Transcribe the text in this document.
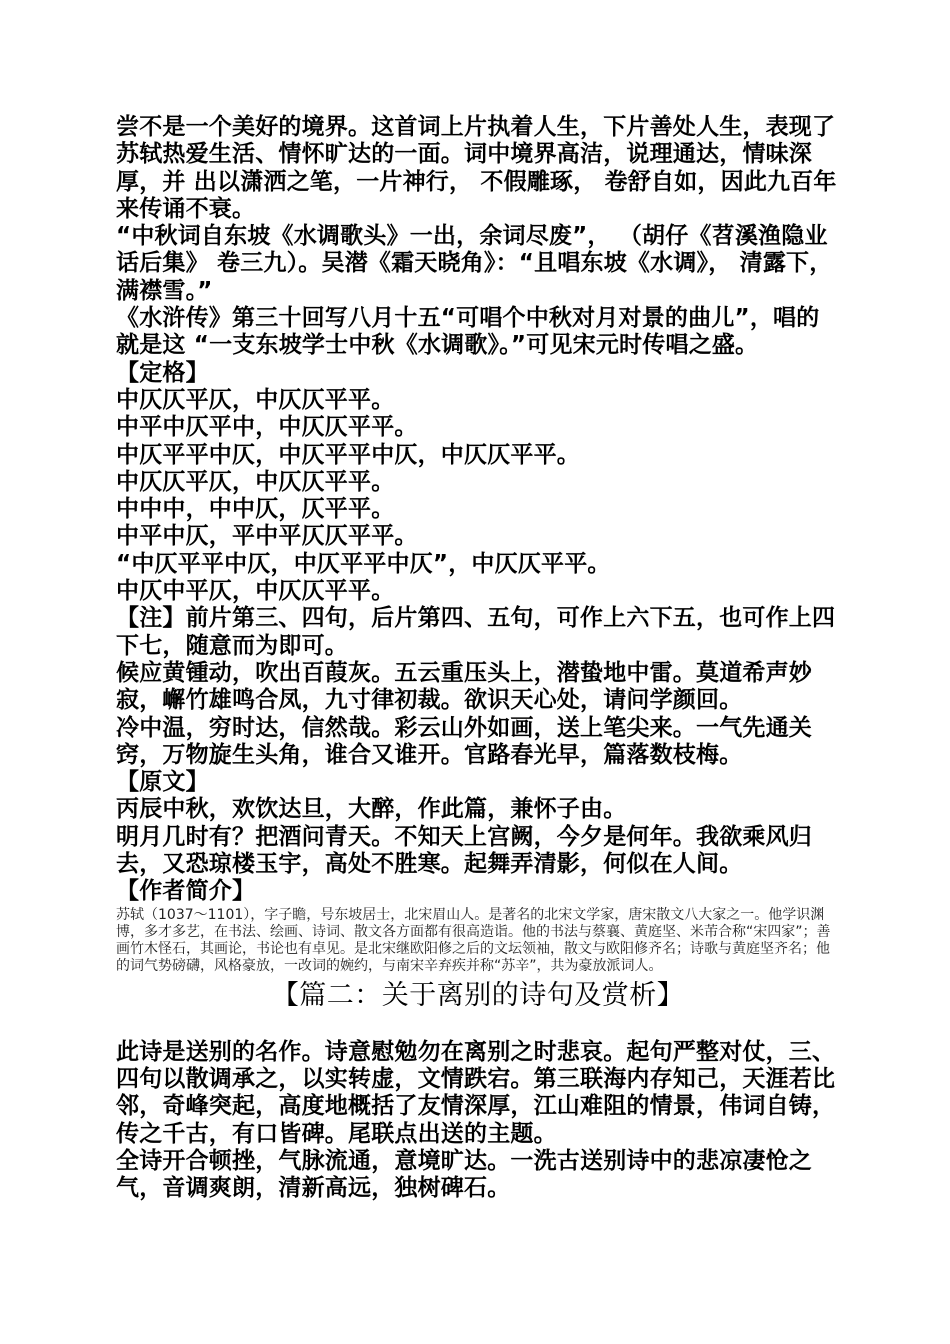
尝不是一个美好的境界。这首词上片执着人生，下片善处人生，表现了苏轼热爱生活、情怀旷达的一面。词中境界高洁，说理通达，情味深厚，并 出以潇洒之笔，一片神行， 不假雕琢， 卷舒自如，因此九百年来传诵不衰。

“中秋词自东坡《水调歌头》一出，余词尽废”， （胡仔《苕溪渔隐业话后集》 卷三九）。吴潜《霜天晓角》：“且唱东坡《水调》， 清露下， 满襟雪。”

《水浒传》第三十回写八月十五“可唱个中秋对月对景的曲儿”，唱的就是这 “一支东坡学士中秋《水调歌》。”可见宋元时传唱之盛。

【定格】

中仄仄平仄，中仄仄平平。

中平中仄平中，中仄仄平平。

中仄平平中仄，中仄平平中仄，中仄仄平平。

中仄仄平仄，中仄仄平平。

中中中，中中仄，仄平平。

中平中仄，平中平仄仄平平。

“中仄平平中仄，中仄平平中仄”，中仄仄平平。

中仄中平仄，中仄仄平平。

【注】前片第三、四句，后片第四、五句，可作上六下五，也可作上四下七，随意而为即可。

候应黄锺动，吹出百葭灰。五云重压头上，潜蛰地中雷。莫道希声妙寂，嶰竹雄鸣合凤，九寸律初裁。欲识天心处，请问学颜回。

冷中温，穷时达，信然哉。彩云山外如画，送上笔尖来。一气先通关窍，万物旋生头角，谁合又谁开。官路春光早，篇落数枝梅。

【原文】

丙辰中秋，欢饮达旦，大醉，作此篇，兼怀子由。

明月几时有？把酒问青天。不知天上宫阙，今夕是何年。我欲乘风归去，又恐琼楼玉宇，高处不胜寒。起舞弄清影，何似在人间。

【作者简介】

苏轼（1037～1101），字子瞻，号东坡居士，北宋眉山人。是著名的北宋文学家，唐宋散文八大家之一。他学识渊博，多才多艺，在书法、绘画、诗词、散文各方面都有很高造诣。他的书法与蔡襄、黄庭坚、米芾合称“宋四家”；善画竹木怪石，其画论，书论也有卓见。是北宋继欧阳修之后的文坛领袖，散文与欧阳修齐名；诗歌与黄庭坚齐名；他的词气势磅礴，风格豪放，一改词的婉约，与南宋辛弃疾并称“苏辛”，共为豪放派词人。

【篇二：关于离别的诗句及赏析】

此诗是送别的名作。诗意慰勉勿在离别之时悲哀。起句严整对仗，三、四句以散调承之，以实转虚，文情跌宕。第三联海内存知己，天涯若比邻，奇峰突起，高度地概括了友情深厚，江山难阻的情景，伟词自铸，传之千古，有口皆碑。尾联点出送的主题。

全诗开合顿挫，气脉流通，意境旷达。一洗古送别诗中的悲凉凄怆之气，音调爽朗，清新高远，独树碑石。
